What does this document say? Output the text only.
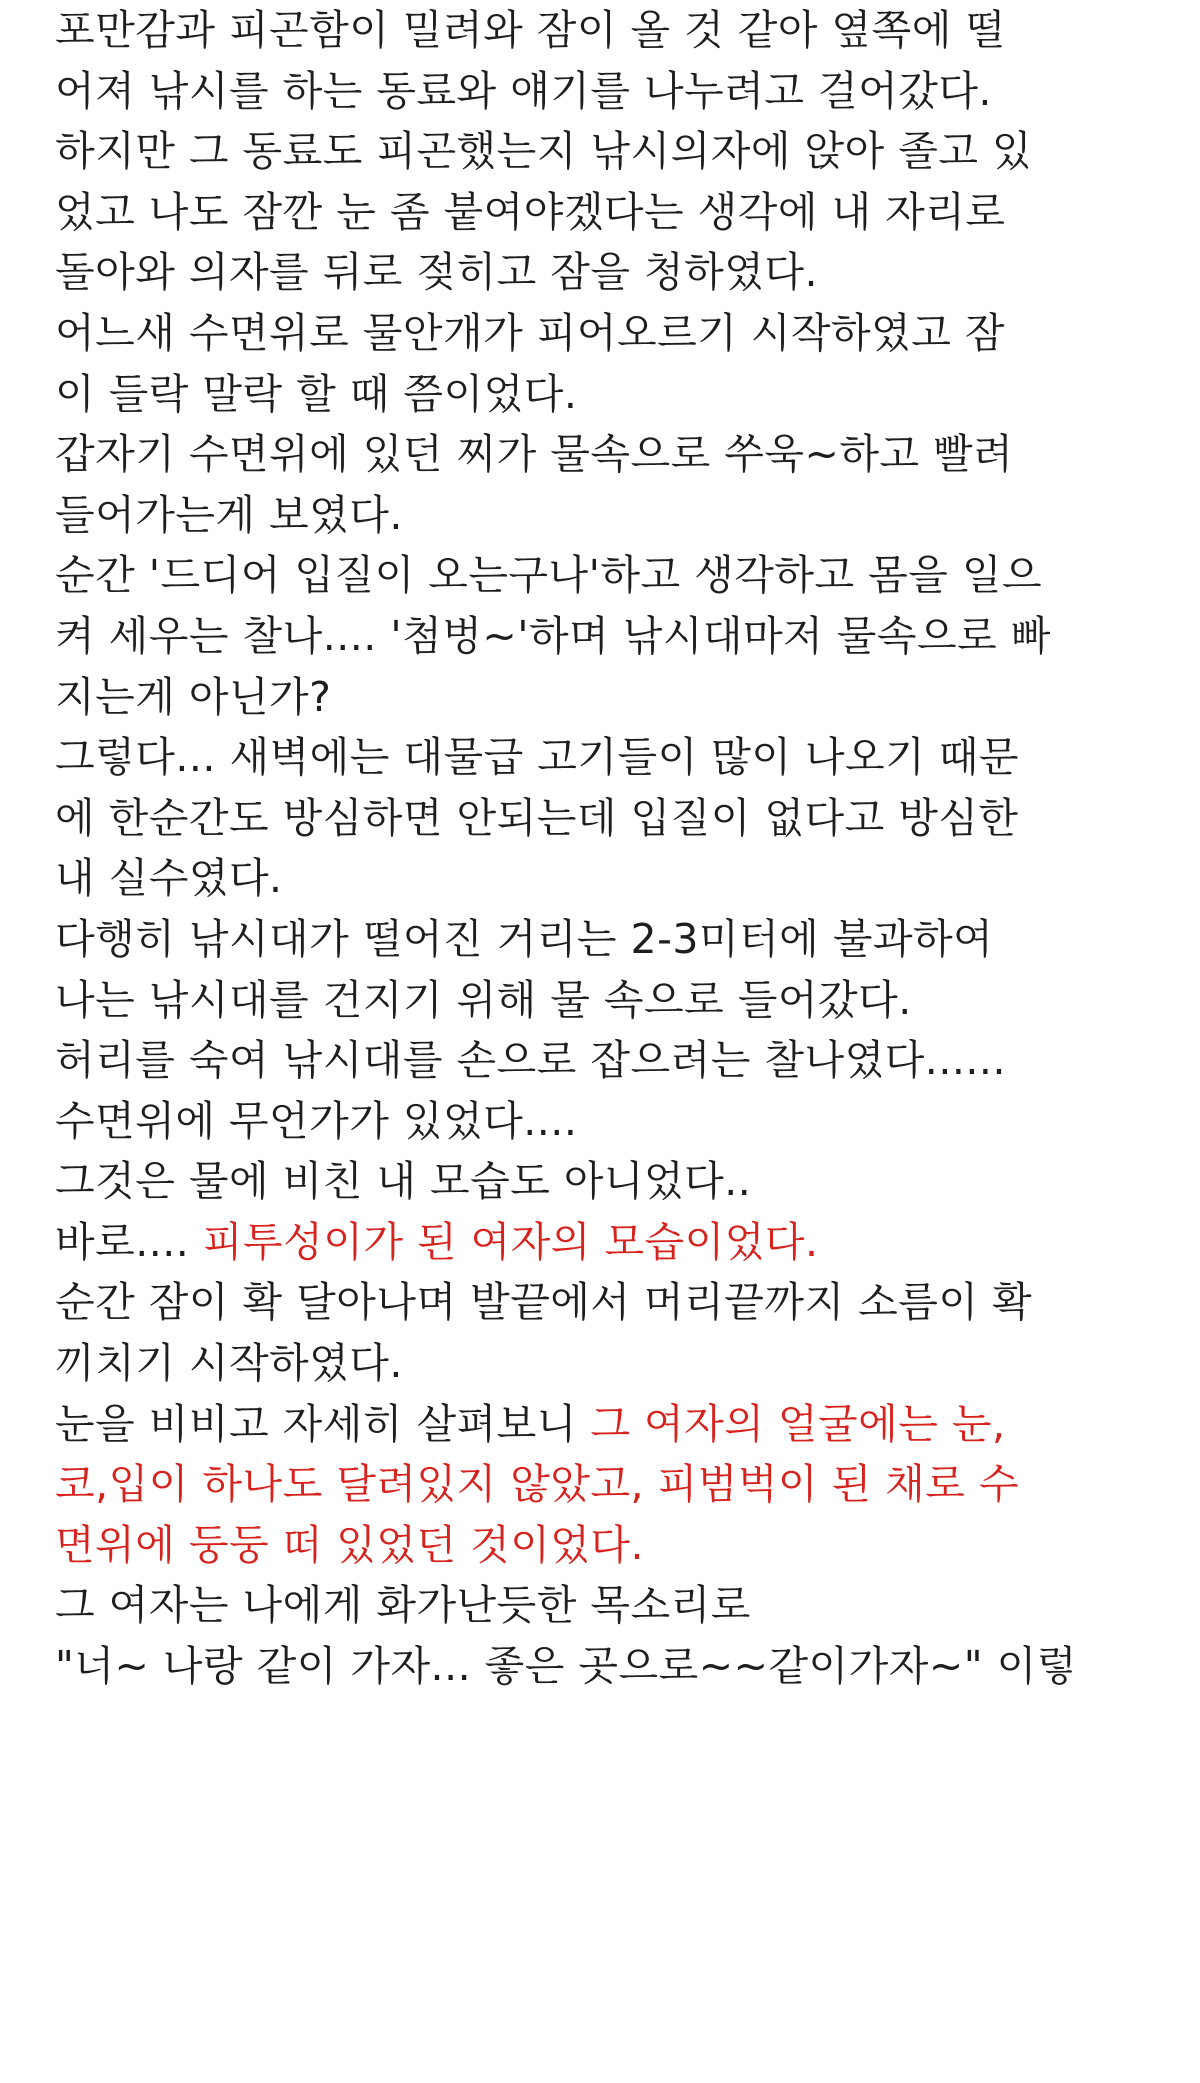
포만감과 피곤함이 밀려와 잠이 올 것 같아 옆쪽에 떨
어져 낚시를 하는 동료와 얘기를 나누려고 걸어갔다.
하지만 그 동료도 피곤했는지 낚시의자에 앉아 졸고 있
었고 나도 잠깐 눈 좀 붙여야겠다는 생각에 내 자리로
돌아와 의자를 뒤로 젖히고 잠을 청하였다.
어느새 수면위로 물안개가 피어오르기 시작하였고 잠
이 들락 말락 할 때 쯤이었다.
갑자기 수면위에 있던 찌가 물속으로 쑤욱~하고 빨려
들어가는게 보였다.
순간 '드디어 입질이 오는구나'하고 생각하고 몸을 일으
켜 세우는 찰나.... '첨벙~'하며 낚시대마저 물속으로 빠
지는게 아닌가?
그렇다... 새벽에는 대물급 고기들이 많이 나오기 때문
에 한순간도 방심하면 안되는데 입질이 없다고 방심한
내 실수였다.
다행히 낚시대가 떨어진 거리는 2-3미터에 불과하여
나는 낚시대를 건지기 위해 물 속으로 들어갔다.
허리를 숙여 낚시대를 손으로 잡으려는 찰나였다......
수면위에 무언가가 있었다....
그것은 물에 비친 내 모습도 아니었다..
바로.... 피투성이가 된 여자의 모습이었다.
순간 잠이 확 달아나며 발끝에서 머리끝까지 소름이 확
끼치기 시작하였다.
눈을 비비고 자세히 살펴보니 그 여자의 얼굴에는 눈,
코,입이 하나도 달려있지 않았고, 피범벅이 된 채로 수
면위에 둥둥 떠 있었던 것이었다.
그 여자는 나에게 화가난듯한 목소리로
"너~ 나랑 같이 가자... 좋은 곳으로~~같이가자~" 이렇
